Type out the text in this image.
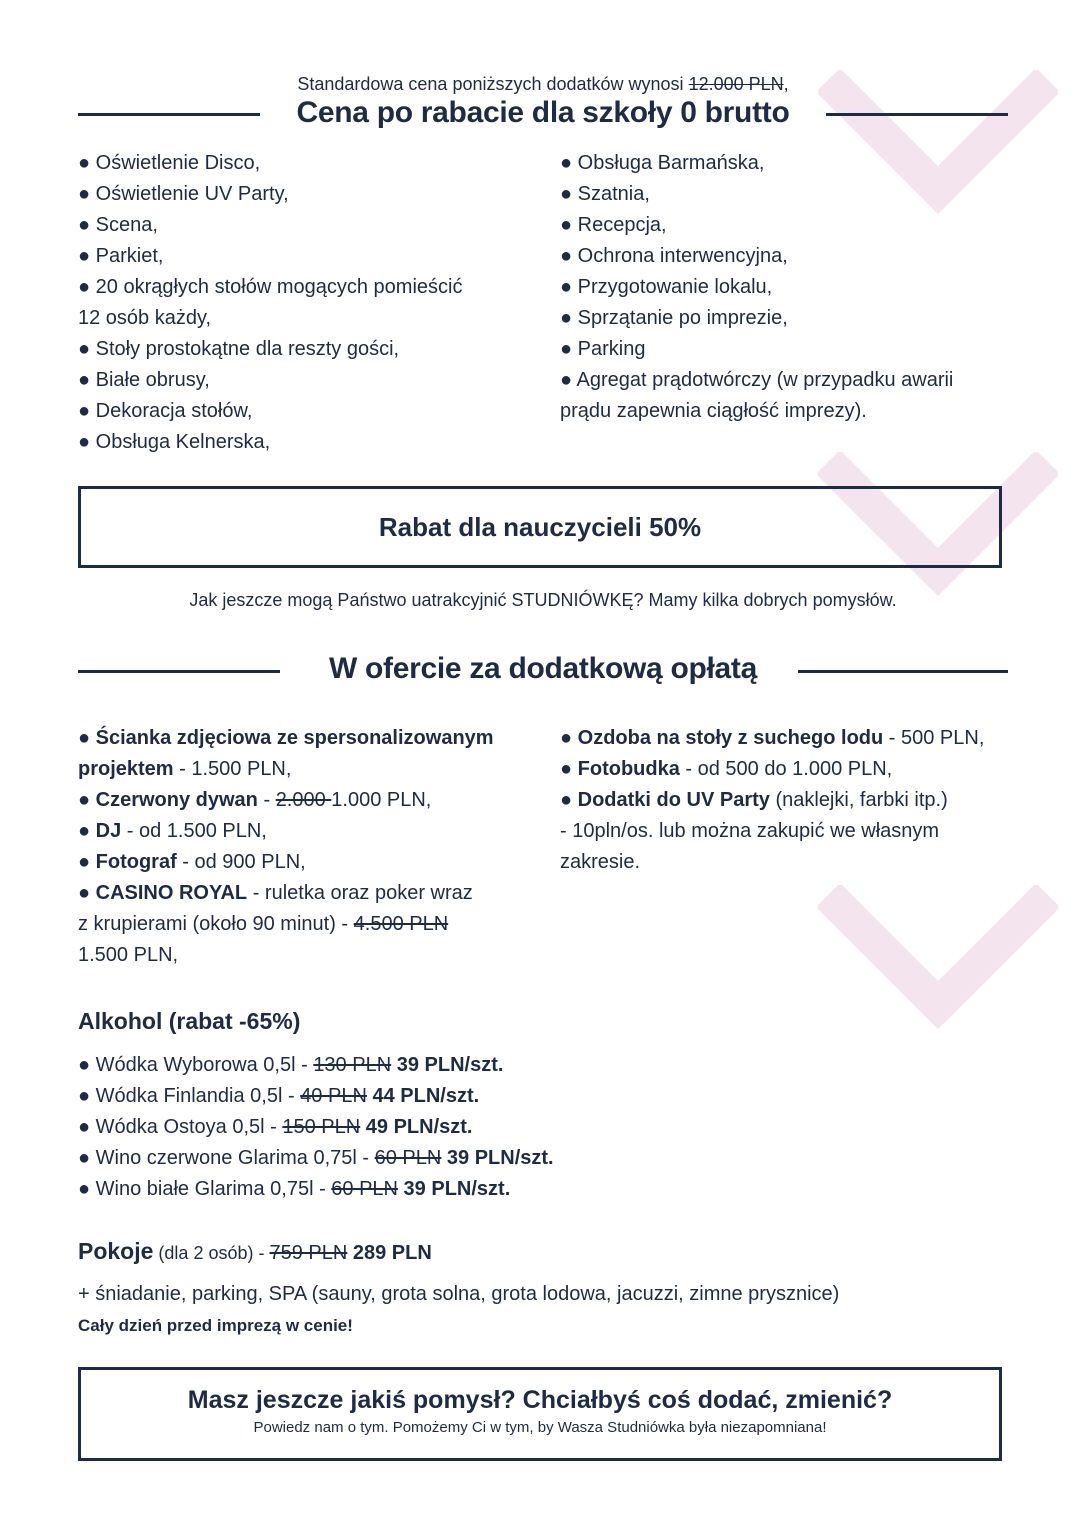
Standardowa cena poniższych dodatków wynosi 12.000 PLN,
Cena po rabacie dla szkoły 0 brutto
● Oświetlenie Disco,
● Oświetlenie UV Party,
● Scena,
● Parkiet,
● 20 okrągłych stołów mogących pomieścić
12 osób każdy,
● Stoły prostokątne dla reszty gości,
● Białe obrusy,
● Dekoracja stołów,
● Obsługa Kelnerska,
● Obsługa Barmańska,
● Szatnia,
● Recepcja,
● Ochrona interwencyjna,
● Przygotowanie lokalu,
● Sprzątanie po imprezie,
● Parking
● Agregat prądotwórczy (w przypadku awarii
prądu zapewnia ciągłość imprezy).
Rabat dla nauczycieli 50%
Jak jeszcze mogą Państwo uatrakcyjnić STUDNIÓWKĘ? Mamy kilka dobrych pomysłów.
W ofercie za dodatkową opłatą
● Ścianka zdjęciowa ze spersonalizowanym
projektem - 1.500 PLN,
● Czerwony dywan - 2.000 1.000 PLN,
● DJ - od 1.500 PLN,
● Fotograf - od 900 PLN,
● CASINO ROYAL - ruletka oraz poker wraz
z krupierami (około 90 minut) - 4.500 PLN
1.500 PLN,
● Ozdoba na stoły z suchego lodu - 500 PLN,
● Fotobudka - od 500 do 1.000 PLN,
● Dodatki do UV Party (naklejki, farbki itp.)
- 10pln/os. lub można zakupić we własnym
zakresie.
Alkohol (rabat -65%)
● Wódka Wyborowa 0,5l - 130 PLN 39 PLN/szt.
● Wódka Finlandia 0,5l - 40 PLN 44 PLN/szt.
● Wódka Ostoya 0,5l - 150 PLN 49 PLN/szt.
● Wino czerwone Glarima 0,75l - 60 PLN 39 PLN/szt.
● Wino białe Glarima 0,75l - 60 PLN 39 PLN/szt.
Pokoje (dla 2 osób) - 759 PLN 289 PLN
+ śniadanie, parking, SPA (sauny, grota solna, grota lodowa, jacuzzi, zimne prysznice)
Cały dzień przed imprezą w cenie!
Masz jeszcze jakiś pomysł? Chciałbyś coś dodać, zmienić?
Powiedz nam o tym. Pomożemy Ci w tym, by Wasza Studniówka była niezapomniana!
